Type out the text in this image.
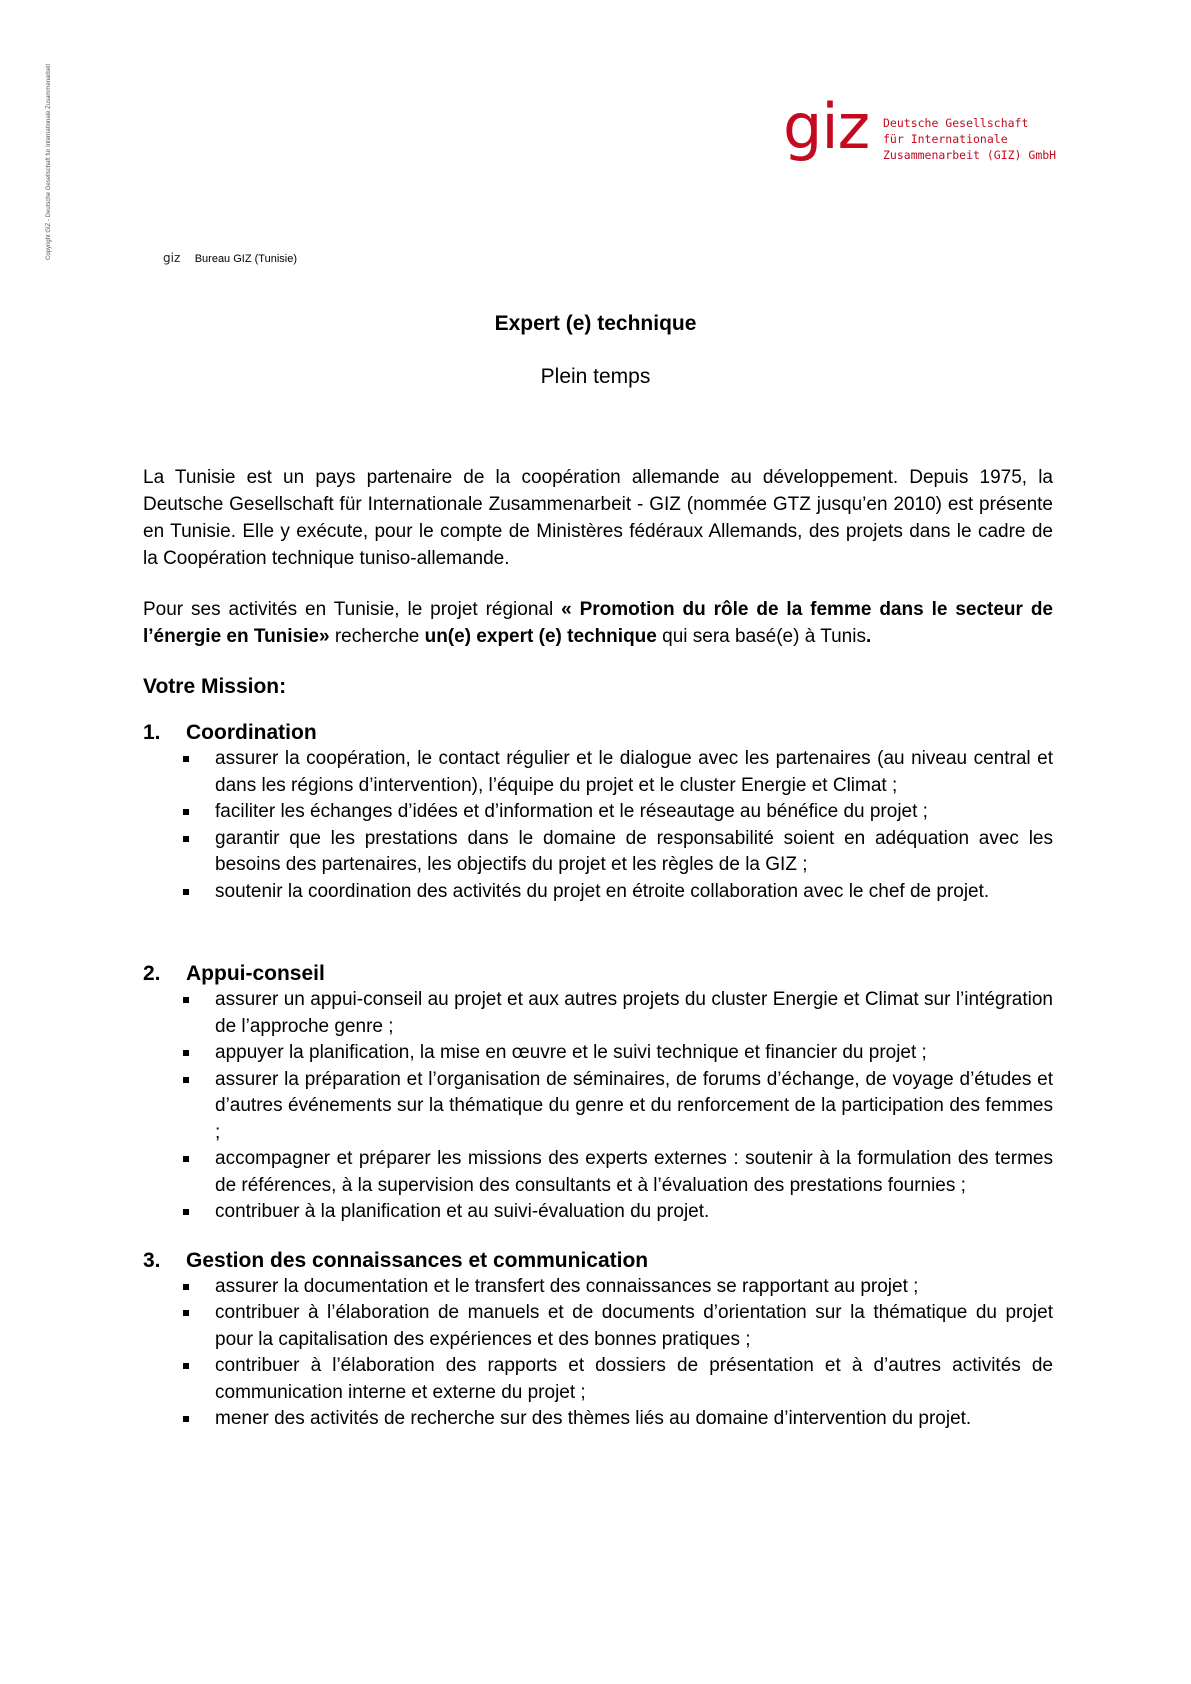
Copyright GIZ - Deutsche Gesellschaft für Internationale Zusammenarbeit	giz Deutsche Gesellschaft
für Internationale
Zusammenarbeit (GIZ) GmbH
giz Bureau GIZ (Tunisie)
Expert (e) technique
Plein temps

La Tunisie est un pays partenaire de la coopération allemande au développement. Depuis 1975, la Deutsche Gesellschaft für Internationale Zusammenarbeit - GIZ (nommée GTZ jusqu’en 2010) est présente en Tunisie. Elle y exécute, pour le compte de Ministères fédéraux Allemands, des projets dans le cadre de la Coopération technique tuniso-allemande.

Pour ses activités en Tunisie, le projet régional « Promotion du rôle de la femme dans le secteur de l’énergie en Tunisie» recherche un(e) expert (e) technique qui sera basé(e) à Tunis.

Votre Mission:
1. Coordination
assurer la coopération, le contact régulier et le dialogue avec les partenaires (au niveau central et dans les régions d’intervention), l’équipe du projet et le cluster Energie et Climat ;
faciliter les échanges d’idées et d’information et le réseautage au bénéfice du projet ;
garantir que les prestations dans le domaine de responsabilité soient en adéquation avec les besoins des partenaires, les objectifs du projet et les règles de la GIZ ;
soutenir la coordination des activités du projet en étroite collaboration avec le chef de projet.
2. Appui-conseil
assurer un appui-conseil au projet et aux autres projets du cluster Energie et Climat sur l’intégration de l’approche genre ;
appuyer la planification, la mise en œuvre et le suivi technique et financier du projet ;
assurer la préparation et l’organisation de séminaires, de forums d’échange, de voyage d’études et d’autres événements sur la thématique du genre et du renforcement de la participation des femmes ;
accompagner et préparer les missions des experts externes : soutenir à la formulation des termes de références, à la supervision des consultants et à l’évaluation des prestations fournies ;
contribuer à la planification et au suivi-évaluation du projet.
3. Gestion des connaissances et communication
assurer la documentation et le transfert des connaissances se rapportant au projet ;
contribuer à l’élaboration de manuels et de documents d’orientation sur la thématique du projet pour la capitalisation des expériences et des bonnes pratiques ;
contribuer à l’élaboration des rapports et dossiers de présentation et à d’autres activités de communication interne et externe du projet ;
mener des activités de recherche sur des thèmes liés au domaine d’intervention du projet.
